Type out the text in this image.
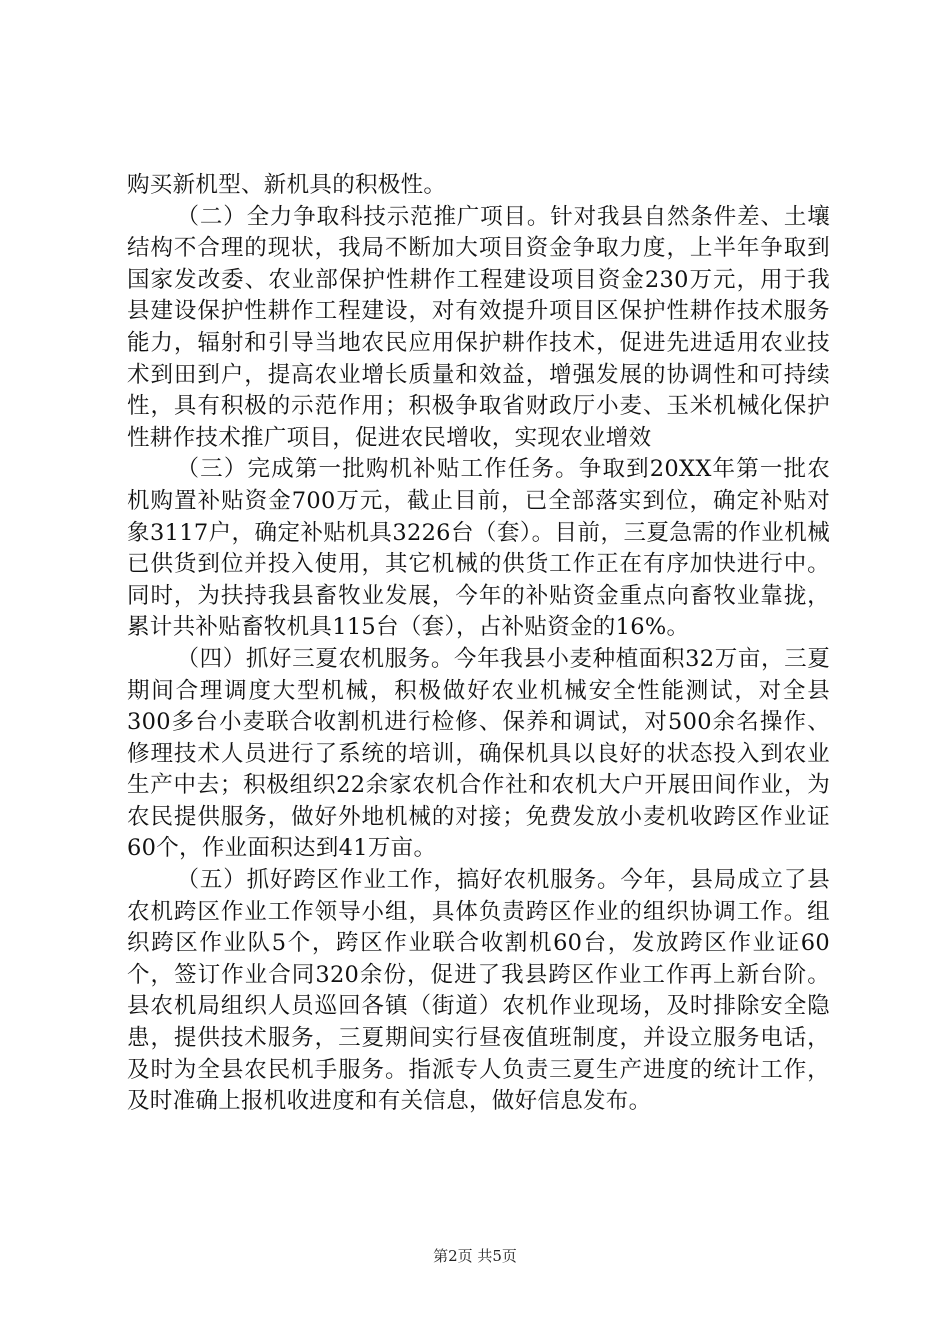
购买新机型、新机具的积极性。

（二）全力争取科技示范推广项目。针对我县自然条件差、土壤结构不合理的现状，我局不断加大项目资金争取力度，上半年争取到国家发改委、农业部保护性耕作工程建设项目资金230万元，用于我县建设保护性耕作工程建设，对有效提升项目区保护性耕作技术服务能力，辐射和引导当地农民应用保护耕作技术，促进先进适用农业技术到田到户，提高农业增长质量和效益，增强发展的协调性和可持续性，具有积极的示范作用；积极争取省财政厅小麦、玉米机械化保护性耕作技术推广项目，促进农民增收，实现农业增效

（三）完成第一批购机补贴工作任务。争取到20XX年第一批农机购置补贴资金700万元，截止目前，已全部落实到位，确定补贴对象3117户，确定补贴机具3226台（套）。目前，三夏急需的作业机械已供货到位并投入使用，其它机械的供货工作正在有序加快进行中。同时，为扶持我县畜牧业发展，今年的补贴资金重点向畜牧业靠拢，累计共补贴畜牧机具115台（套），占补贴资金的16%。

（四）抓好三夏农机服务。今年我县小麦种植面积32万亩，三夏期间合理调度大型机械，积极做好农业机械安全性能测试，对全县300多台小麦联合收割机进行检修、保养和调试，对500余名操作、修理技术人员进行了系统的培训，确保机具以良好的状态投入到农业生产中去；积极组织22余家农机合作社和农机大户开展田间作业，为农民提供服务，做好外地机械的对接；免费发放小麦机收跨区作业证60个，作业面积达到41万亩。

（五）抓好跨区作业工作，搞好农机服务。今年，县局成立了县农机跨区作业工作领导小组，具体负责跨区作业的组织协调工作。组织跨区作业队5个，跨区作业联合收割机60台，发放跨区作业证60个，签订作业合同320余份，促进了我县跨区作业工作再上新台阶。县农机局组织人员巡回各镇（街道）农机作业现场，及时排除安全隐患，提供技术服务，三夏期间实行昼夜值班制度，并设立服务电话，及时为全县农民机手服务。指派专人负责三夏生产进度的统计工作，及时准确上报机收进度和有关信息，做好信息发布。

第2页 共5页
